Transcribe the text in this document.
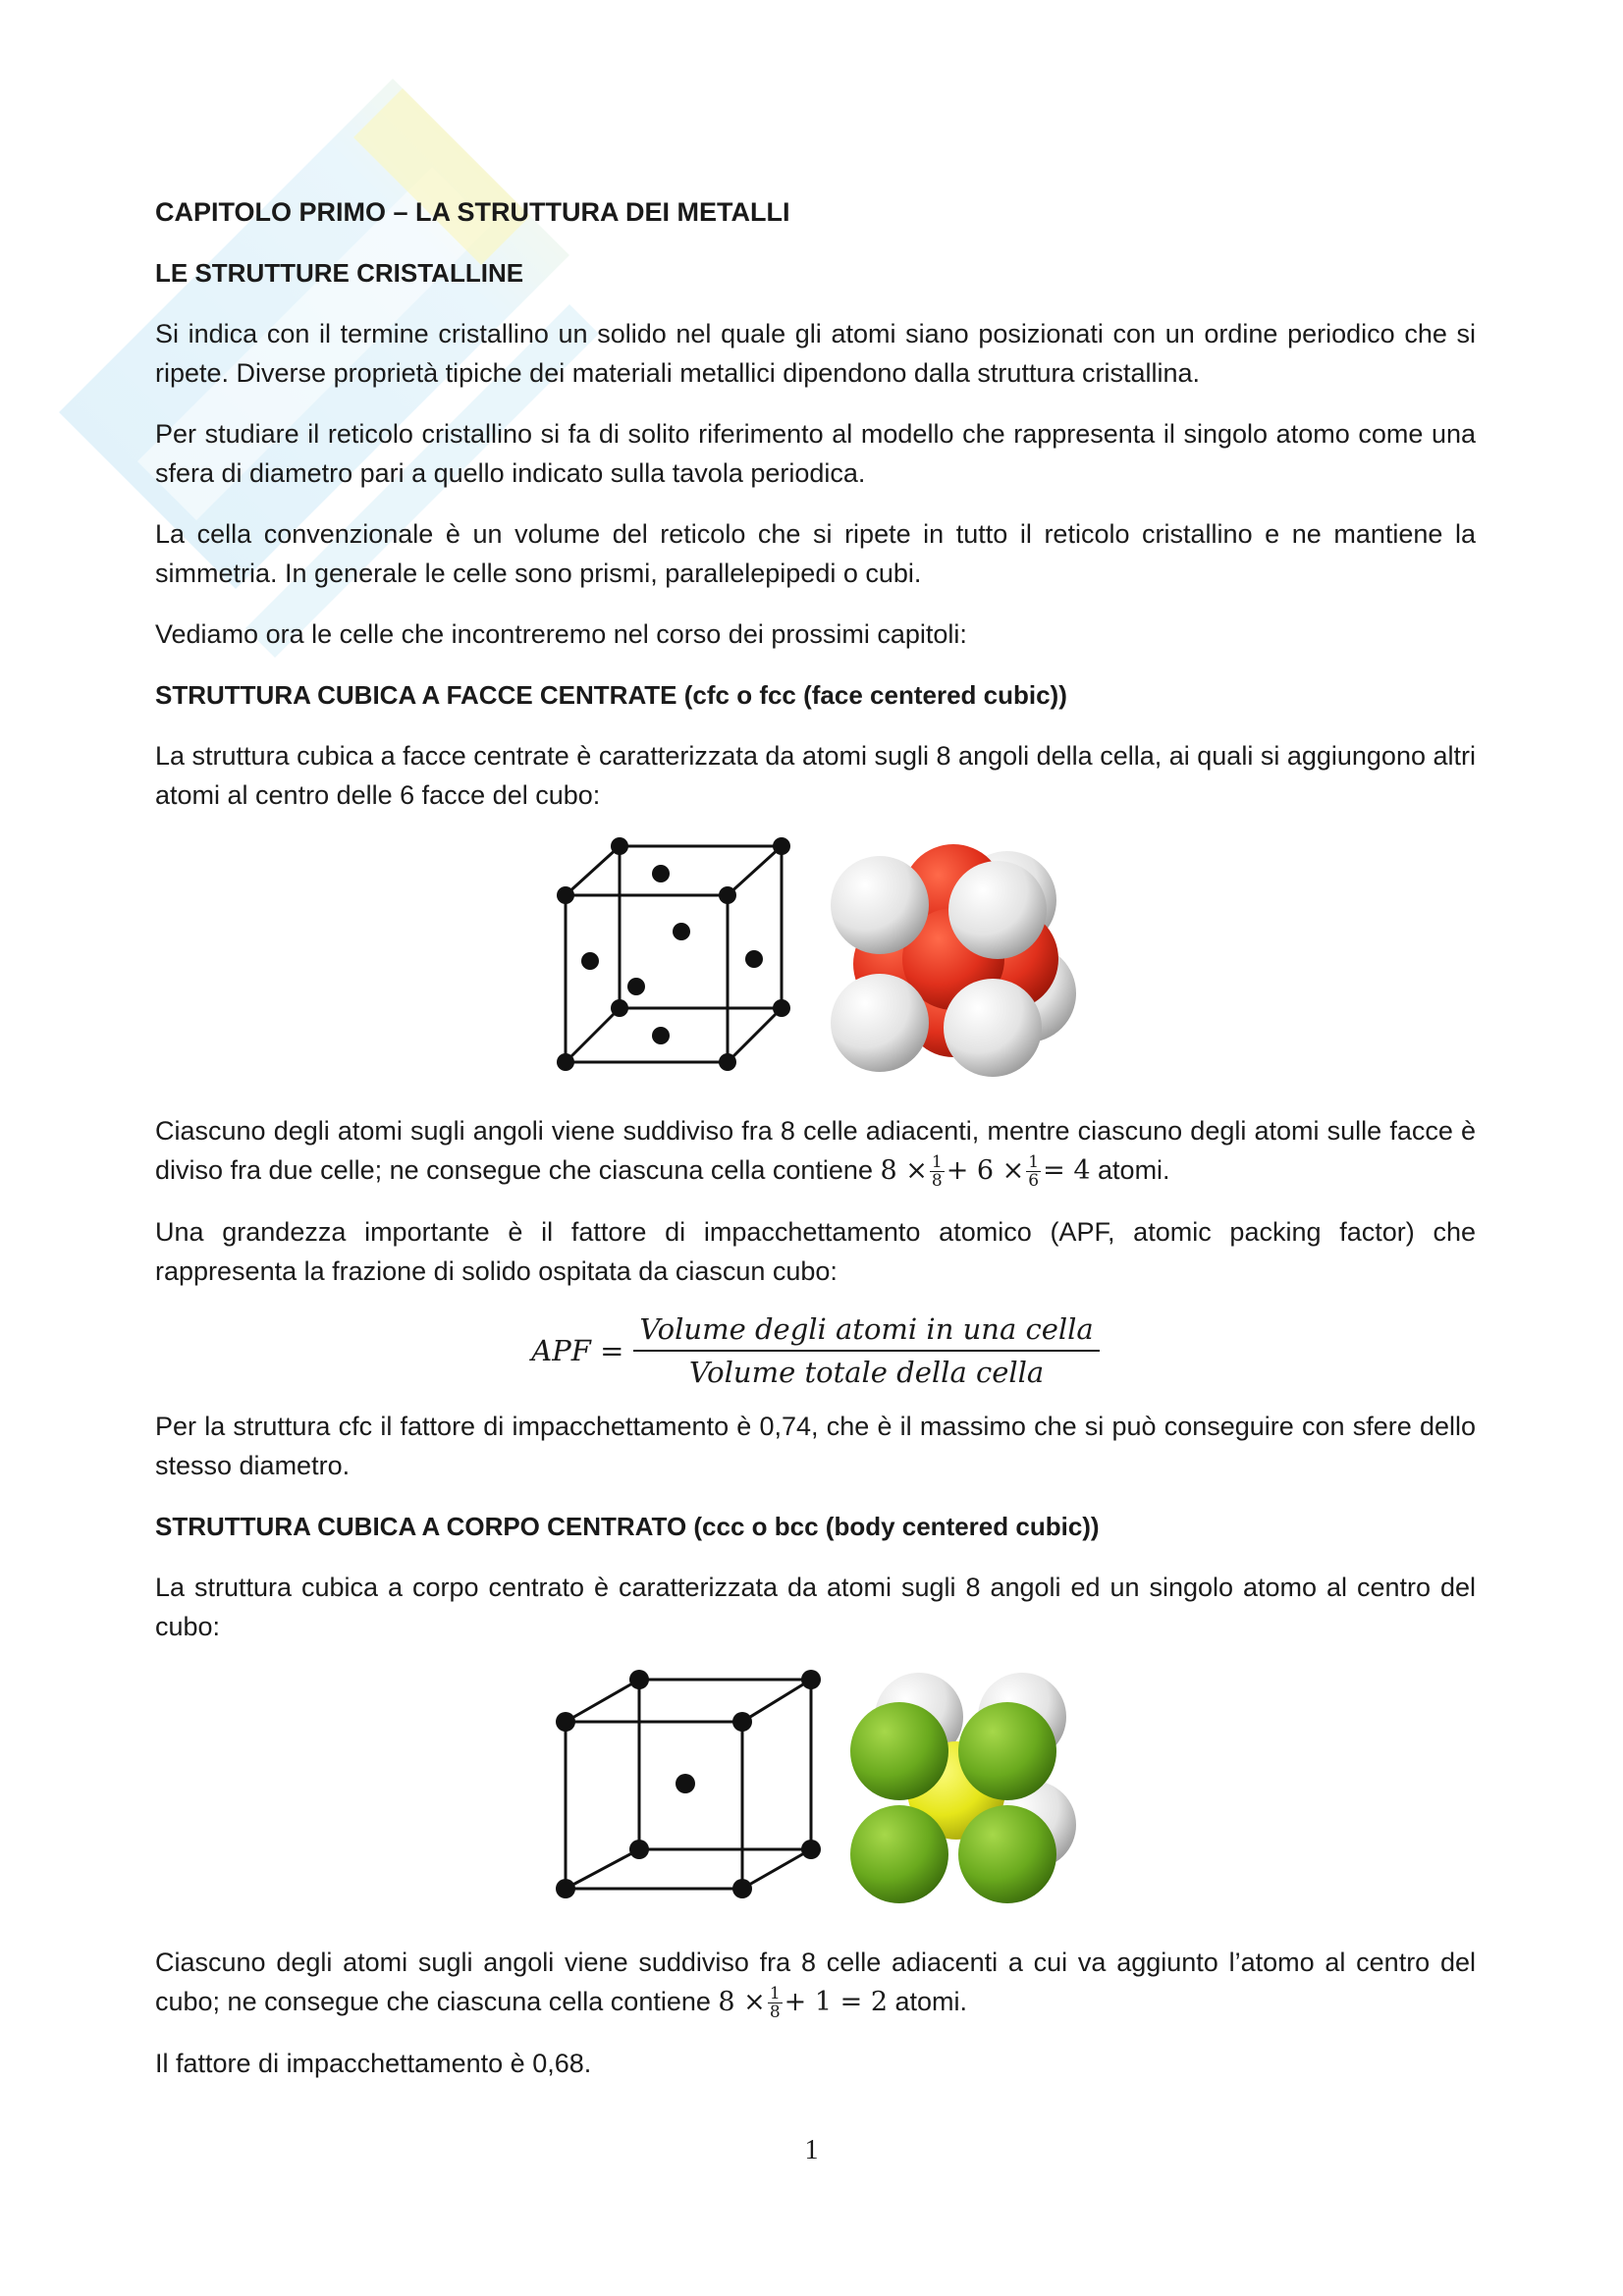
CAPITOLO PRIMO – LA STRUTTURA DEI METALLI
LE STRUTTURE CRISTALLINE

Si indica con il termine cristallino un solido nel quale gli atomi siano posizionati con un ordine periodico che si ripete. Diverse proprietà tipiche dei materiali metallici dipendono dalla struttura cristallina.

Per studiare il reticolo cristallino si fa di solito riferimento al modello che rappresenta il singolo atomo come una sfera di diametro pari a quello indicato sulla tavola periodica.

La cella convenzionale è un volume del reticolo che si ripete in tutto il reticolo cristallino e ne mantiene la simmetria. In generale le celle sono prismi, parallelepipedi o cubi.

Vediamo ora le celle che incontreremo nel corso dei prossimi capitoli:

STRUTTURA CUBICA A FACCE CENTRATE (cfc o fcc (face centered cubic))

La struttura cubica a facce centrate è caratterizzata da atomi sugli 8 angoli della cella, ai quali si aggiungono altri atomi al centro delle 6 facce del cubo:

Ciascuno degli atomi sugli angoli viene suddiviso fra 8 celle adiacenti, mentre ciascuno degli atomi sulle facce è diviso fra due celle; ne consegue che ciascuna cella contiene $8 \times \frac{1}{8} + 6 \times \frac{1}{6} = 4$ atomi.

Una grandezza importante è il fattore di impacchettamento atomico (APF, atomic packing factor) che rappresenta la frazione di solido ospitata da ciascun cubo:

APF = $\frac{\text{Volume degli atomi in una cella}}{\text{Volume totale della cella}}$

Per la struttura cfc il fattore di impacchettamento è 0,74, che è il massimo che si può conseguire con sfere dello stesso diametro.

STRUTTURA CUBICA A CORPO CENTRATO (ccc o bcc (body centered cubic))

La struttura cubica a corpo centrato è caratterizzata da atomi sugli 8 angoli ed un singolo atomo al centro del cubo:

Ciascuno degli atomi sugli angoli viene suddiviso fra 8 celle adiacenti a cui va aggiunto l’atomo al centro del cubo; ne consegue che ciascuna cella contiene $8 \times \frac{1}{8} + 1 = 2$ atomi.

Il fattore di impacchettamento è 0,68.

1
